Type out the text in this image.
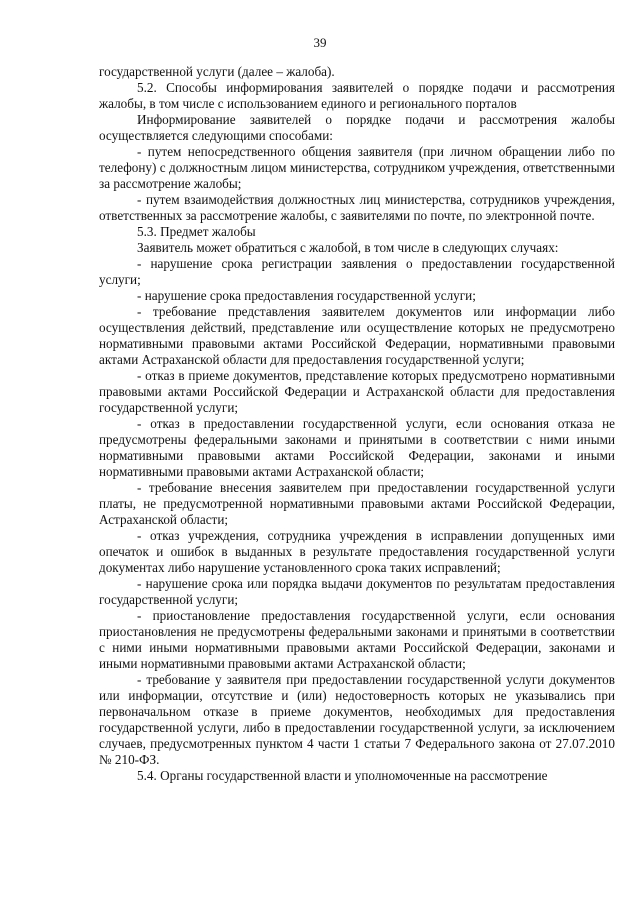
39

государственной услуги (далее – жалоба).

5.2. Способы информирования заявителей о порядке подачи и рассмотрения жалобы, в том числе с использованием единого и регионального порталов

Информирование заявителей о порядке подачи и рассмотрения жалобы осуществляется следующими способами:

- путем непосредственного общения заявителя (при личном обращении либо по телефону) с должностным лицом министерства, сотрудником учреждения, ответственными за рассмотрение жалобы;

- путем взаимодействия должностных лиц министерства, сотрудников учреждения, ответственных за рассмотрение жалобы, с заявителями по почте, по электронной почте.

5.3. Предмет жалобы

Заявитель может обратиться с жалобой, в том числе в следующих случаях:

- нарушение срока регистрации заявления о предоставлении государственной услуги;

- нарушение срока предоставления государственной услуги;

- требование представления заявителем документов или информации либо осуществления действий, представление или осуществление которых не предусмотрено нормативными правовыми актами Российской Федерации, нормативными правовыми актами Астраханской области для предоставления государственной услуги;

- отказ в приеме документов, представление которых предусмотрено нормативными правовыми актами Российской Федерации и Астраханской области для предоставления государственной услуги;

- отказ в предоставлении государственной услуги, если основания отказа не предусмотрены федеральными законами и принятыми в соответствии с ними иными нормативными правовыми актами Российской Федерации, законами и иными нормативными правовыми актами Астраханской области;

- требование внесения заявителем при предоставлении государственной услуги платы, не предусмотренной нормативными правовыми актами Российской Федерации, Астраханской области;

- отказ учреждения, сотрудника учреждения в исправлении допущенных ими опечаток и ошибок в выданных в результате предоставления государственной услуги документах либо нарушение установленного срока таких исправлений;

- нарушение срока или порядка выдачи документов по результатам предоставления государственной услуги;

- приостановление предоставления государственной услуги, если основания приостановления не предусмотрены федеральными законами и принятыми в соответствии с ними иными нормативными правовыми актами Российской Федерации, законами и иными нормативными правовыми актами Астраханской области;

- требование у заявителя при предоставлении государственной услуги документов или информации, отсутствие и (или) недостоверность которых не указывались при первоначальном отказе в приеме документов, необходимых для предоставления государственной услуги, либо в предоставлении государственной услуги, за исключением случаев, предусмотренных пунктом 4 части 1 статьи 7 Федерального закона от 27.07.2010 № 210-ФЗ.

5.4. Органы государственной власти и уполномоченные на рассмотрение
